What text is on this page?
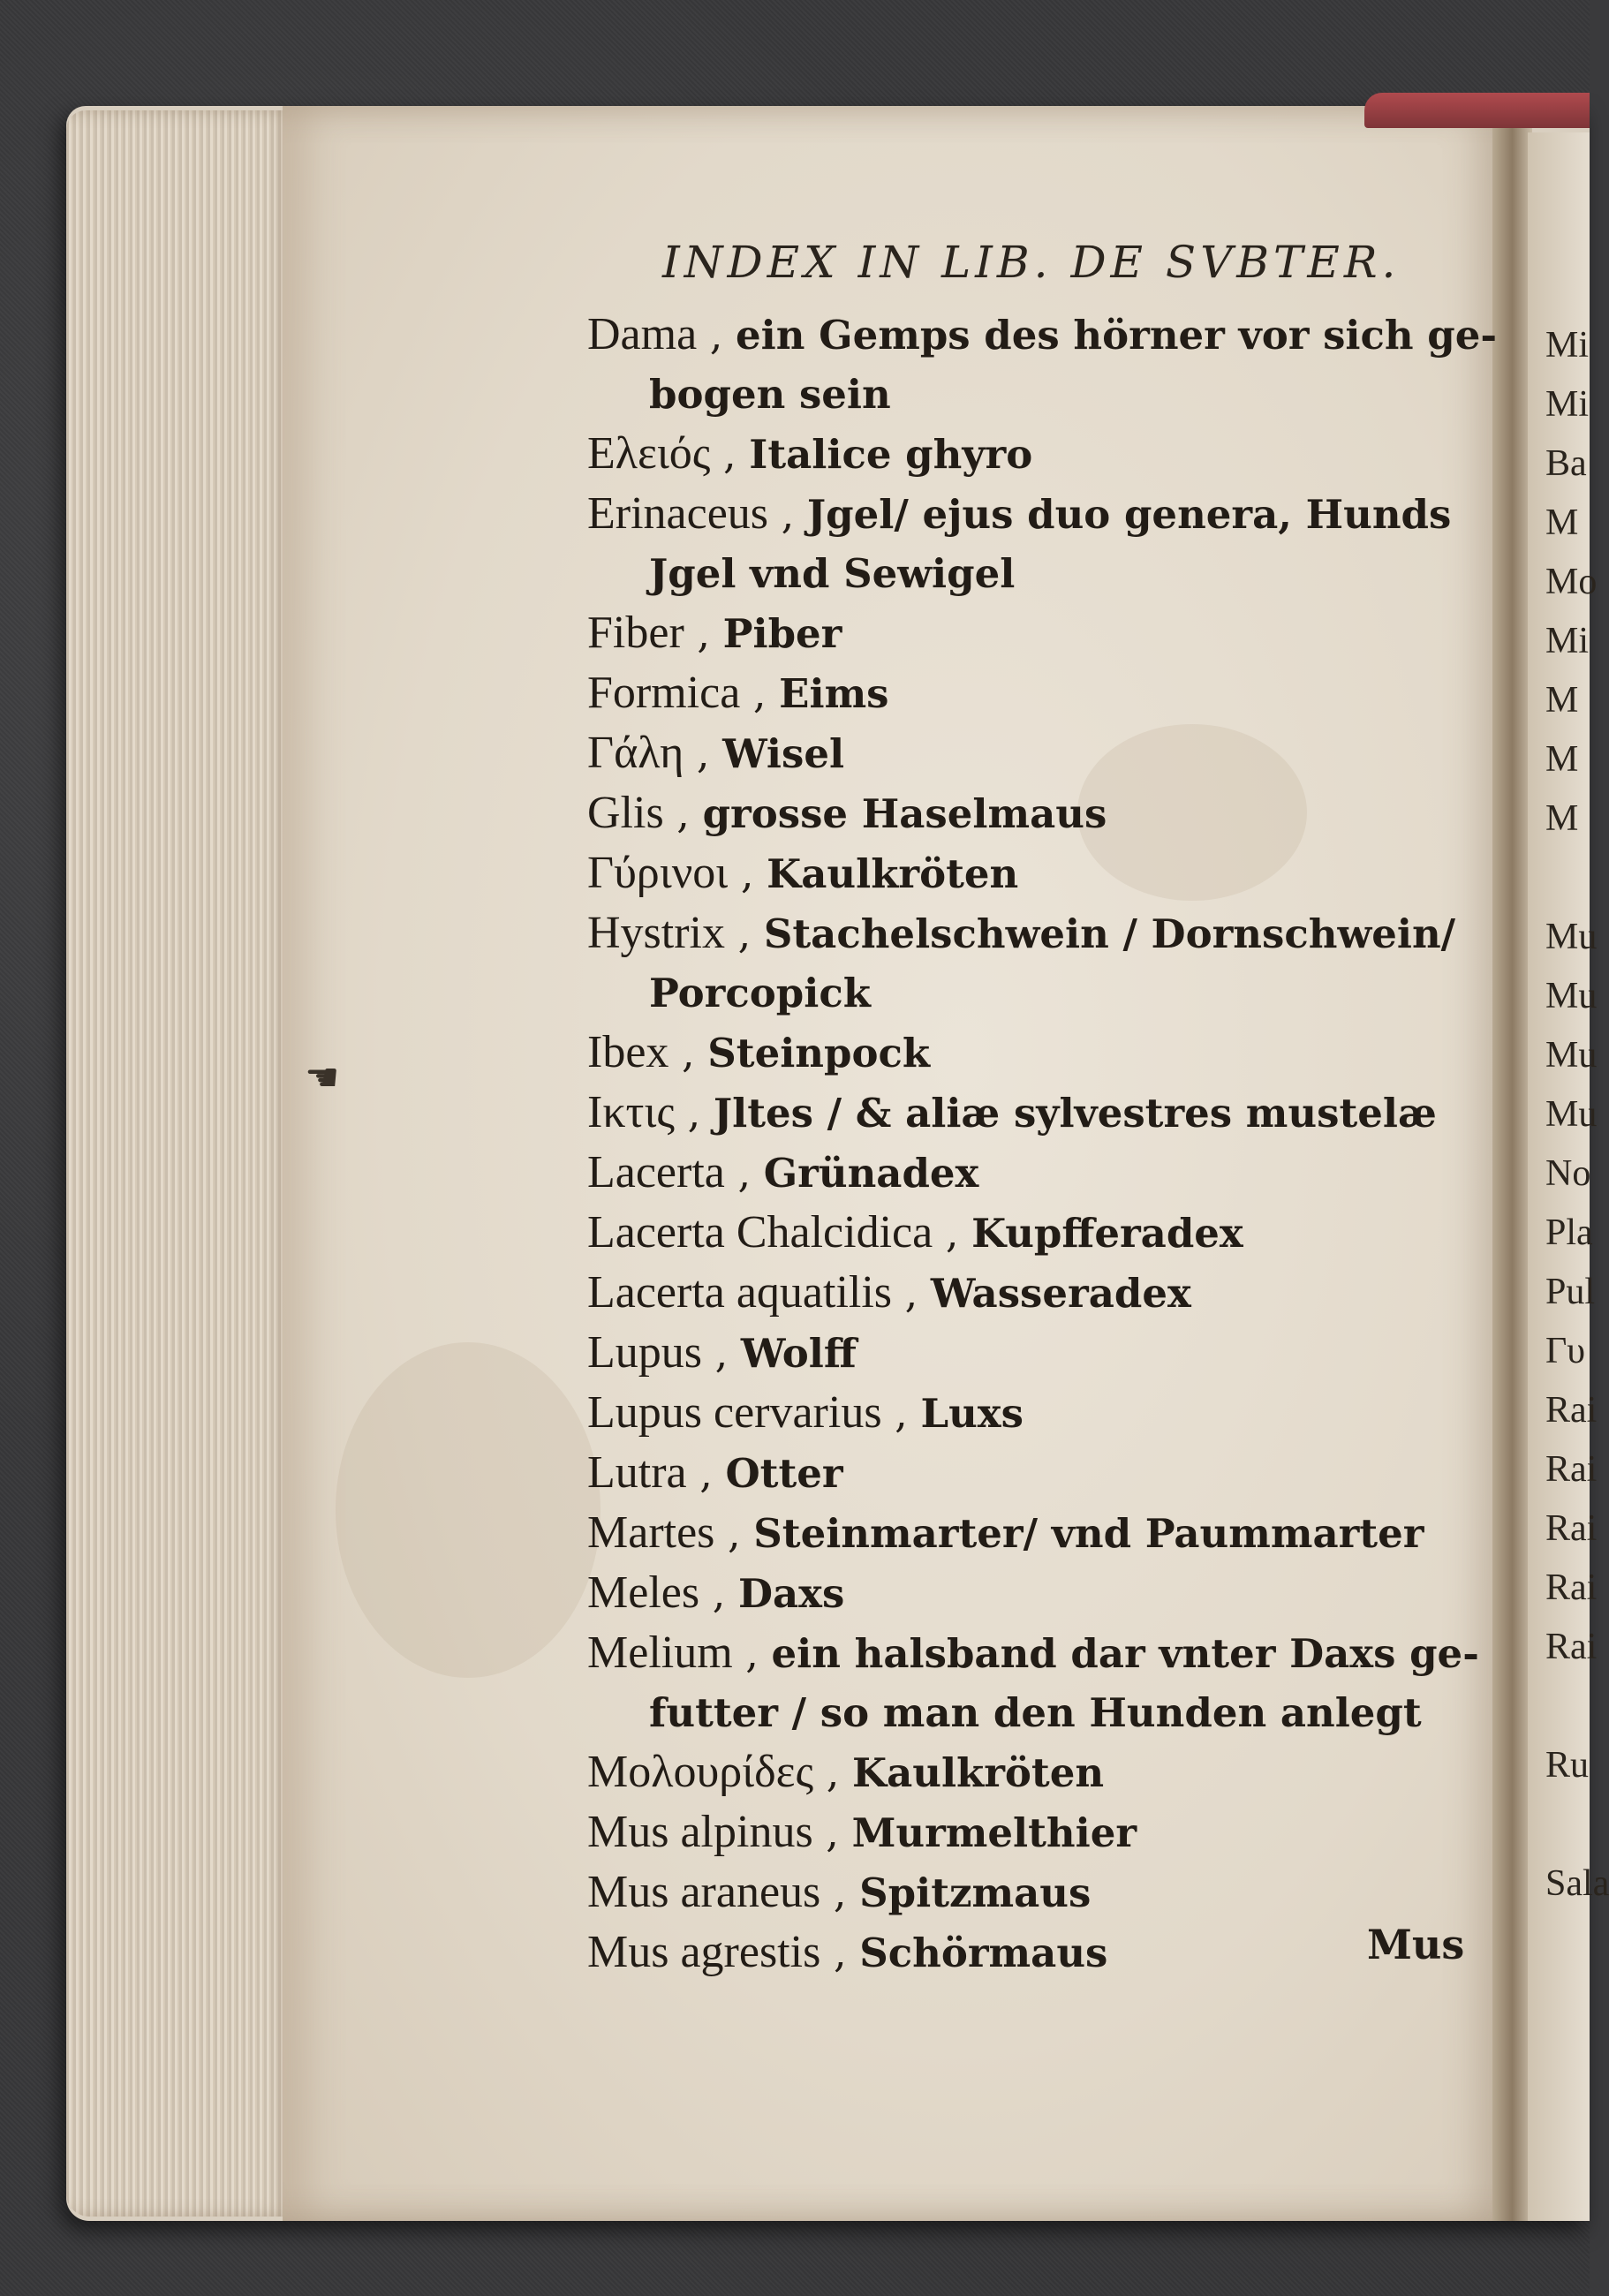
INDEX IN LIB. DE SVBTER.
Dama , ein Gemps des hörner vor sich ge-
bogen sein
Ελειός , Italice ghyro
Erinaceus , Jgel/ ejus duo genera, Hunds
Jgel vnd Sewigel
Fiber , Piber
Formica , Eims
Γάλη , Wisel
Glis , grosse Haselmaus
Γύρινοι , Kaulkröten
Hystrix , Stachelschwein / Dornschwein/
Porcopick
Ibex , Steinpock
Ικτις , Jltes / & aliæ sylvestres mustelæ
Lacerta , Grünadex
Lacerta Chalcidica , Kupfferadex
Lacerta aquatilis , Wasseradex
Lupus , Wolff
Lupus cervarius , Luxs
Lutra , Otter
Martes , Steinmarter/ vnd Paummarter
Meles , Daxs
Melium , ein halsband dar vnter Daxs ge-
futter / so man den Hunden anlegt
Μολουρίδες , Kaulkröten
Mus alpinus , Murmelthier
Mus araneus , Spitzmaus
Mus agrestis , Schörmaus	Mus
☚
Mi
Mi
Ba
M
Mo
Mi
M
M
M

Mu
Mu
Mu
Mu
No
Pla
Pul
Γυ
Rai
Rai
Rai
Rai
Rai

Ru

Sala
